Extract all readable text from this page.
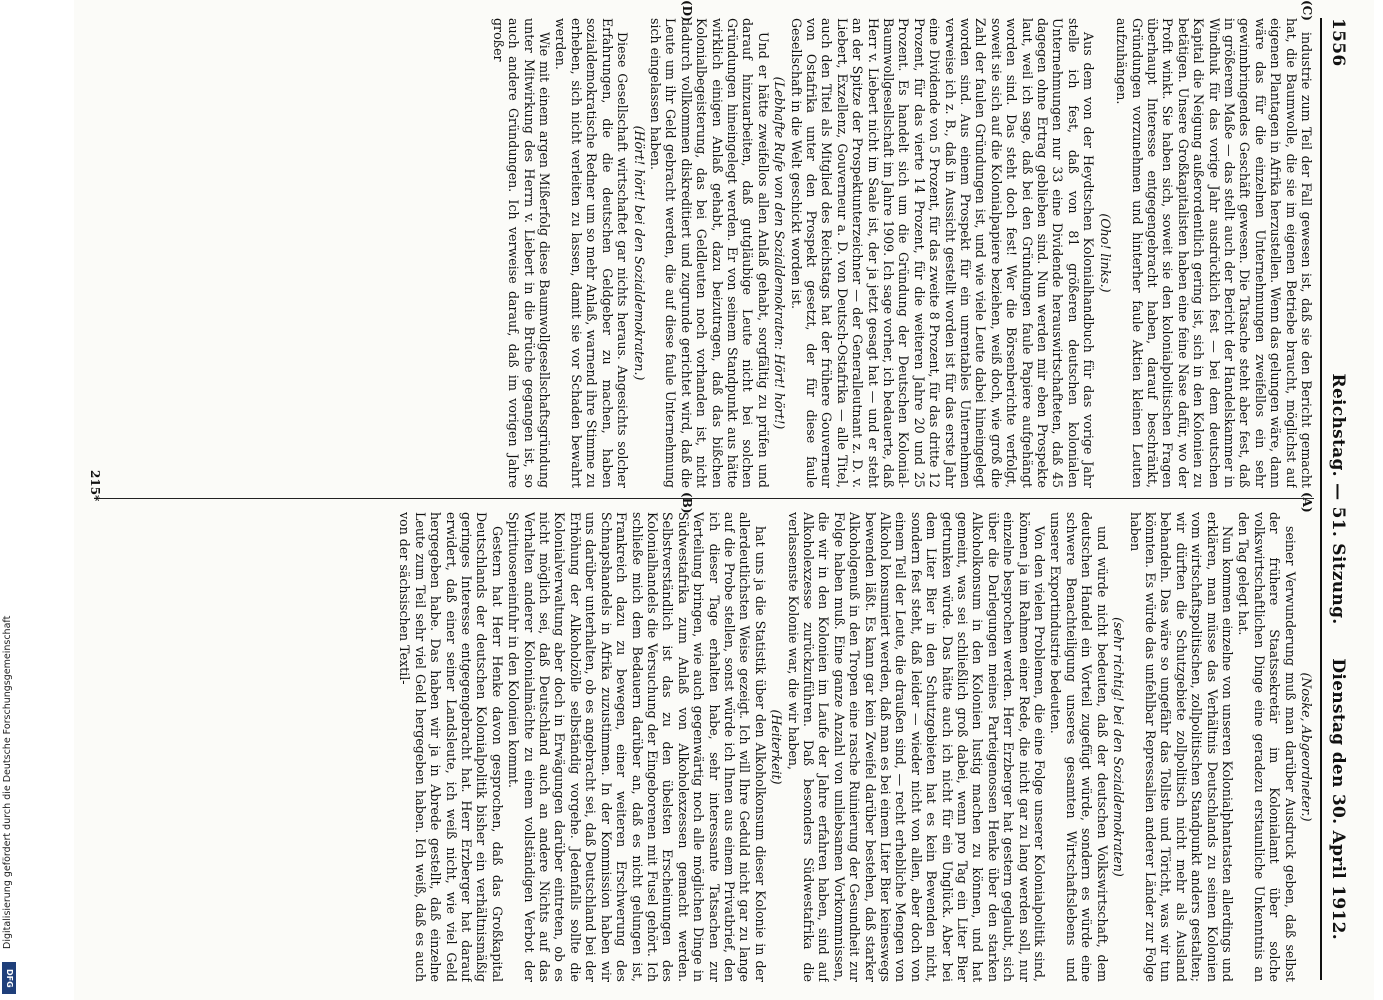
Digitalisierung gefördert durch die Deutsche Forschungsgemeinschaft
DFG
1556
Reichstag. — 51. Sitzung.
Dienstag den 30. April 1912.
(C)
(D)
(A)
(B)

industrie zum Teil der Fall gewesen ist, daß sie den Bericht gemacht hat, die Baumwolle, die sie im eigenen Betriebe braucht, möglichst auf eigenen Plantagen in Afrika herzustellen. Wenn das gelungen wäre, dann wäre das für die einzelnen Unternehmungen zweifellos ein sehr gewinnbringendes Geschäft gewesen. Die Tatsache steht aber fest, daß in größerem Maße — das stellt auch der Bericht der Handelskammer in Windhuk für das vorige Jahr ausdrücklich fest — bei dem deutschen Kapital die Neigung außerordentlich gering ist, sich in den Kolonien zu betätigen. Unsere Großkapitalisten haben eine feine Nase dafür, wo der Profit winkt. Sie haben sich, soweit sie den kolonialpolitischen Fragen überhaupt Interesse entgegengebracht haben, darauf beschränkt, Gründungen vorzunehmen und hinterher faule Aktien kleinen Leuten aufzuhängen.

(Oho! links.)

Aus dem von der Heydtschen Kolonialhandbuch für das vorige Jahr stelle ich fest, daß von 81 größeren deutschen kolonialen Unternehmungen nur 33 eine Dividende herauswirtschafteten, daß 45 dagegen ohne Ertrag geblieben sind. Nun werden mir eben Prospekte laut, weil ich sage, daß bei den Gründungen faule Papiere aufgehängt worden sind. Das steht doch fest! Wer die Börsenberichte verfolgt, soweit sie sich auf die Kolonialpapiere beziehen, weiß doch, wie groß die Zahl der faulen Gründungen ist, und wie viele Leute dabei hineingelegt worden sind. Aus einem Prospekt für ein unrentables Unternehmen verweise ich z. B., daß in Aussicht gestellt worden ist für das erste Jahr eine Dividende von 5 Prozent, für das zweite 8 Prozent, für das dritte 12 Prozent, für das vierte 14 Prozent, für die weiteren Jahre 20 und 25 Prozent. Es handelt sich um die Gründung der Deutschen Kolonial-Baumwollgesellschaft im Jahre 1909. Ich sage vorher, ich bedauerte, daß Herr v. Liebert nicht im Saale ist, der ja jetzt gesagt hat — und er steht an der Spitze der Prospektunterzeichner — der Generalleutnant z. D. v. Liebert, Exzellenz, Gouverneur a. D. von Deutsch-Ostafrika — alle Titel, auch den Titel als Mitglied des Reichstags hat der frühere Gouverneur von Ostafrika unter den Prospekt gesetzt, der für diese faule Gesellschaft in die Welt geschickt worden ist.

(Lebhafte Rufe von den Sozialdemokraten: Hört! hört!)

Und er hätte zweifellos allen Anlaß gehabt, sorgfältig zu prüfen und darauf hinzuarbeiten, daß gutgläubige Leute nicht bei solchen Gründungen hineingelegt werden. Er von seinem Standpunkt aus hätte wirklich einigen Anlaß gehabt, dazu beizutragen, daß das bißchen Kolonialbegeisterung, das bei Geldleuten noch vorhanden ist, nicht dadurch vollkommen diskreditiert und zugrunde gerichtet wird, daß die Leute um ihr Geld gebracht werden, die auf diese faule Unternehmung sich eingelassen haben.

(Hört! hört! bei den Sozialdemokraten.)

Diese Gesellschaft wirtschaftet gar nichts heraus. Angesichts solcher Erfahrungen, die die deutschen Geldgeber zu machen, haben sozialdemokratische Redner um so mehr Anlaß, warnend ihre Stimme zu erheben, sich nicht verleiten zu lassen, damit sie vor Schaden bewahrt werden.

Wie mit einem argen Mißerfolg diese Baumwollgesellschaftsgründung unter Mitwirkung des Herrn v. Liebert in die Brüche gegangen ist, so auch andere Gründungen. Ich verweise darauf, daß im vorigen Jahre großer

(Noske, Abgeordneter.)

seiner Verwunderung muß man darüber Ausdruck geben, daß selbst der frühere Staatssekretär im Kolonialamt über solche volkswirtschaftlichen Dinge eine geradezu erstaunliche Unkenntnis an den Tag gelegt hat.

Nun kommen einzelne von unseren Kolonialphantasten allerdings und erklären, man müsse das Verhältnis Deutschlands zu seinen Kolonien vom wirtschaftspolitischen, zollpolitischen Standpunkt anders gestalten; wir dürften die Schutzgebiete zollpolitisch nicht mehr als Ausland behandeln. Das wäre so ungefähr das Tollste und Töricht, was wir tun könnten. Es würde das unfehlbar Repressalien anderer Länder zur Folge haben

(sehr richtig! bei den Sozialdemokraten)

und würde nicht bedeuten, daß der deutschen Volkswirtschaft, dem deutschen Handel ein Vorteil zugefügt würde, sondern es würde eine schwere Benachteiligung unseres gesamten Wirtschaftslebens und unserer Exportindustrie bedeuten.

Von den vielen Problemen, die eine Folge unserer Kolonialpolitik sind, können ja im Rahmen einer Rede, die nicht gar zu lang werden soll, nur einzelne besprochen werden. Herr Erzberger hat gestern geglaubt, sich über die Darlegungen meines Parteigenossen Henke über den starken Alkoholkonsum in den Kolonien lustig machen zu können, und hat gemeint, was sei schließlich groß dabei, wenn pro Tag ein Liter Bier getrunken würde. Das hätte auch ich nicht für ein Unglück. Aber bei dem Liter Bier in den Schutzgebieten hat es kein Bewenden nicht, sondern fest steht, daß leider — wieder nicht von allen, aber doch von einem Teil der Leute, die draußen sind, — recht erhebliche Mengen von Alkohol konsumiert werden, daß man es bei einem Liter Bier keineswegs bewenden läßt. Es kann gar kein Zweifel darüber bestehen, daß starker Alkoholgenuß in den Tropen eine rasche Ruinierung der Gesundheit zur Folge haben muß. Eine ganze Anzahl von unliebsamen Vorkommnissen, die wir in den Kolonien im Laufe der Jahre erfahren haben, sind auf Alkoholexzesse zurückzuführen. Daß besonders Südwestafrika die verlassenste Kolonie war, die wir haben,

(Heiterkeit)

hat uns ja die Statistik über den Alkoholkonsum dieser Kolonie in der allerdeutlichsten Weise gezeigt. Ich will Ihre Geduld nicht gar zu lange auf die Probe stellen, sonst würde ich Ihnen aus einem Privatbrief, den ich dieser Tage erhalten habe, sehr interessante Tatsachen zur Verteilung bringen, wie auch gegenwärtig noch alle möglichen Dinge in Südwestafrika zum Anlaß von Alkoholexzessen gemacht werden. Selbstverständlich ist das zu den übelsten Erscheinungen des Kolonialhandels die Versuchung der Eingeborenen mit Fusel gehört. Ich schließe mich dem Bedauern darüber an, daß es nicht gelungen ist, Frankreich dazu zu bewegen, einer weiteren Erschwerung des Schnapshandels in Afrika zuzustimmen. In der Kommission haben wir uns darüber unterhalten, ob es angebracht sei, daß Deutschland bei der Erhöhung der Alkoholzölle selbständig vorgehe. Jedenfalls sollte die Kolonialverwaltung aber doch in Erwägungen darüber eintreten, ob es nicht möglich sei, daß Deutschland auch an andere Nichts auf das Verhalten anderer Kolonialmächte zu einem vollständigen Verbot der Spirituoseneinfuhr in den Kolonien kommt.

Gestern hat Herr Henke davon gesprochen, daß das Großkapital Deutschlands der deutschen Kolonialpolitik bisher ein verhältnismäßig geringes Interesse entgegengebracht hat. Herr Erzberger hat darauf erwidert, daß einer seiner Landsleute, ich weiß nicht, wie viel Geld hergegeben habe. Das haben wir ja in Abrede gestellt, daß einzelne Leute zum Teil sehr viel Geld hergegeben haben. Ich weiß, daß es auch von der sächsischen Textil-

215*
